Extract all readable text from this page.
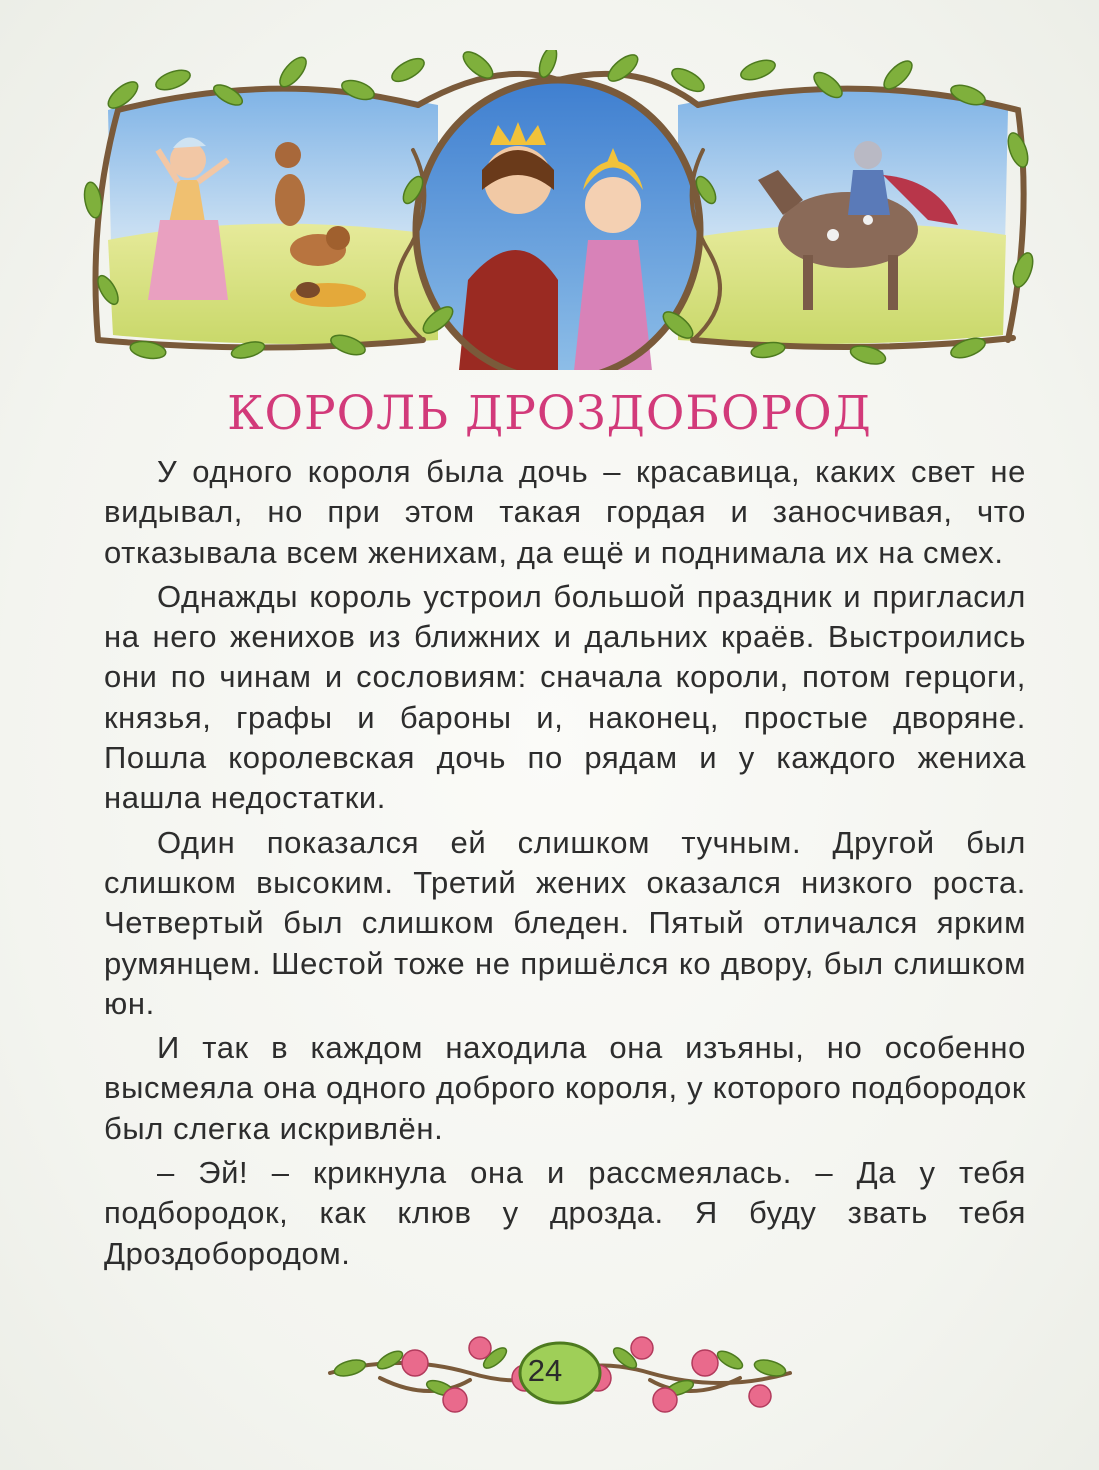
КОРОЛЬ ДРОЗДОБОРОД

У одного короля была дочь – красавица, каких свет не видывал, но при этом такая гордая и заносчивая, что отказывала всем женихам, да ещё и поднимала их на смех.

Однажды король устроил большой праздник и пригласил на него женихов из ближних и дальних краёв. Выстроились они по чинам и сословиям: сначала короли, потом герцоги, князья, графы и бароны и, наконец, простые дворяне. Пошла королевская дочь по рядам и у каждого жениха нашла недостатки.

Один показался ей слишком тучным. Другой был слишком высоким. Третий жених оказался низкого роста. Четвертый был слишком бледен. Пятый отличался ярким румянцем. Шестой тоже не пришёлся ко двору, был слишком юн.

И так в каждом находила она изъяны, но особенно высмеяла она одного доброго короля, у которого подбородок был слегка искривлён.

– Эй! – крикнула она и рассмеялась. – Да у тебя подбородок, как клюв у дрозда. Я буду звать тебя Дроздобородом.

24
